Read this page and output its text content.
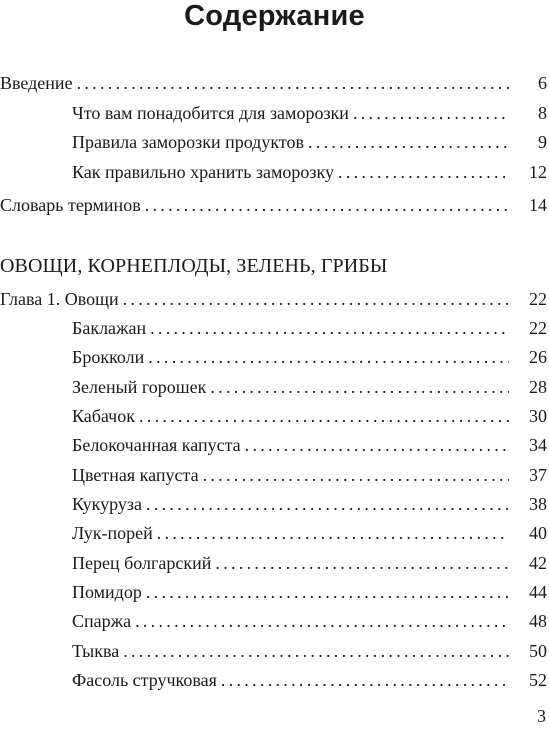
Содержание
Введение . . .	6
Что вам понадобится для заморозки . . .	8
Правила заморозки продуктов . . .	9
Как правильно хранить заморозку . . .	12
Словарь терминов . . .	14
ОВОЩИ, КОРНЕПЛОДЫ, ЗЕЛЕНЬ, ГРИБЫ
Глава 1. Овощи . . .	22
Баклажан . . .	22
Брокколи . . .	26
Зеленый горошек . . .	28
Кабачок . . .	30
Белокочанная капуста . . .	34
Цветная капуста . . .	37
Кукуруза . . .	38
Лук-порей . . .	40
Перец болгарский . . .	42
Помидор . . .	44
Спаржа . . .	48
Тыква . . .	50
Фасоль стручковая . . .	52
3
